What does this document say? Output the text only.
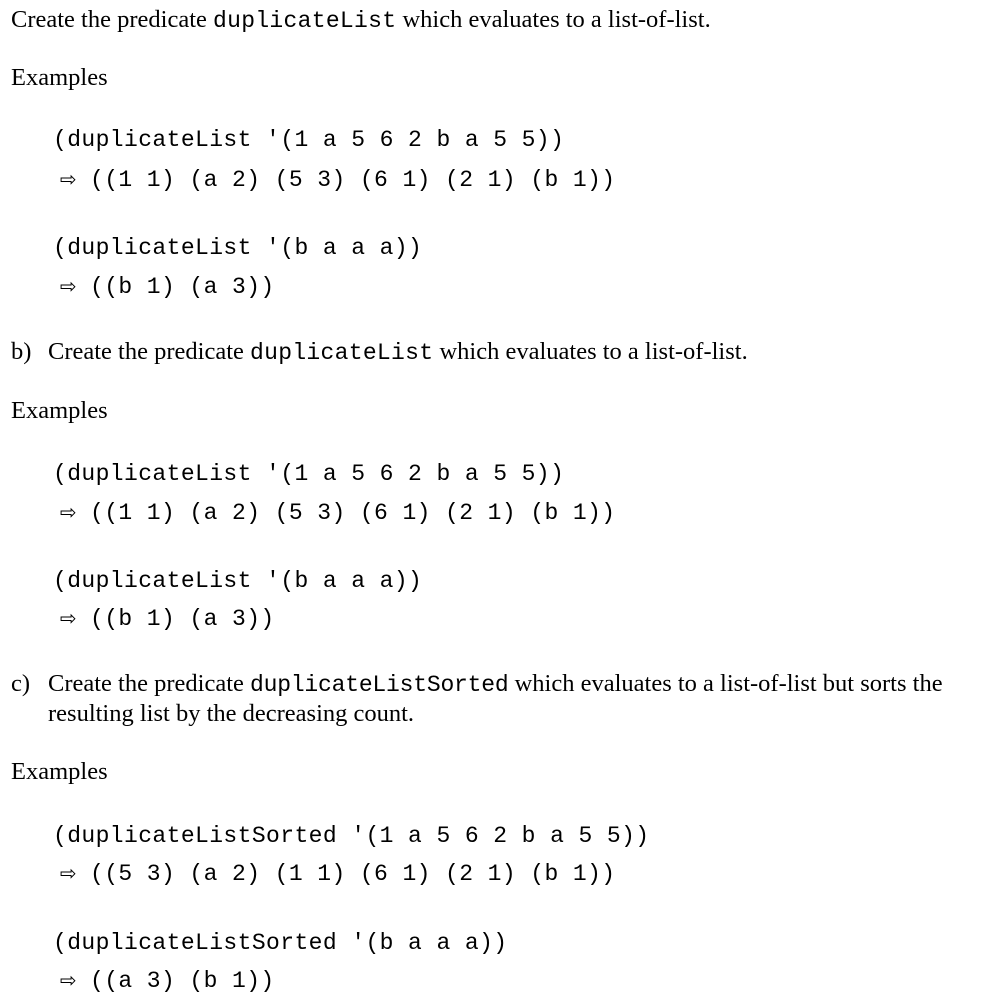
Create the predicate duplicateList which evaluates to a list-of-list.
Examples
(duplicateList '(1 a 5 6 2 b a 5 5))
⇨ ((1 1) (a 2) (5 3) (6 1) (2 1) (b 1))
(duplicateList '(b a a a))
⇨ ((b 1) (a 3))
b) Create the predicate duplicateList which evaluates to a list-of-list.
Examples
(duplicateList '(1 a 5 6 2 b a 5 5))
⇨ ((1 1) (a 2) (5 3) (6 1) (2 1) (b 1))
(duplicateList '(b a a a))
⇨ ((b 1) (a 3))
c) Create the predicate duplicateListSorted which evaluates to a list-of-list but sorts the
resulting list by the decreasing count.
Examples
(duplicateListSorted '(1 a 5 6 2 b a 5 5))
⇨ ((5 3) (a 2) (1 1) (6 1) (2 1) (b 1))
(duplicateListSorted '(b a a a))
⇨ ((a 3) (b 1))
